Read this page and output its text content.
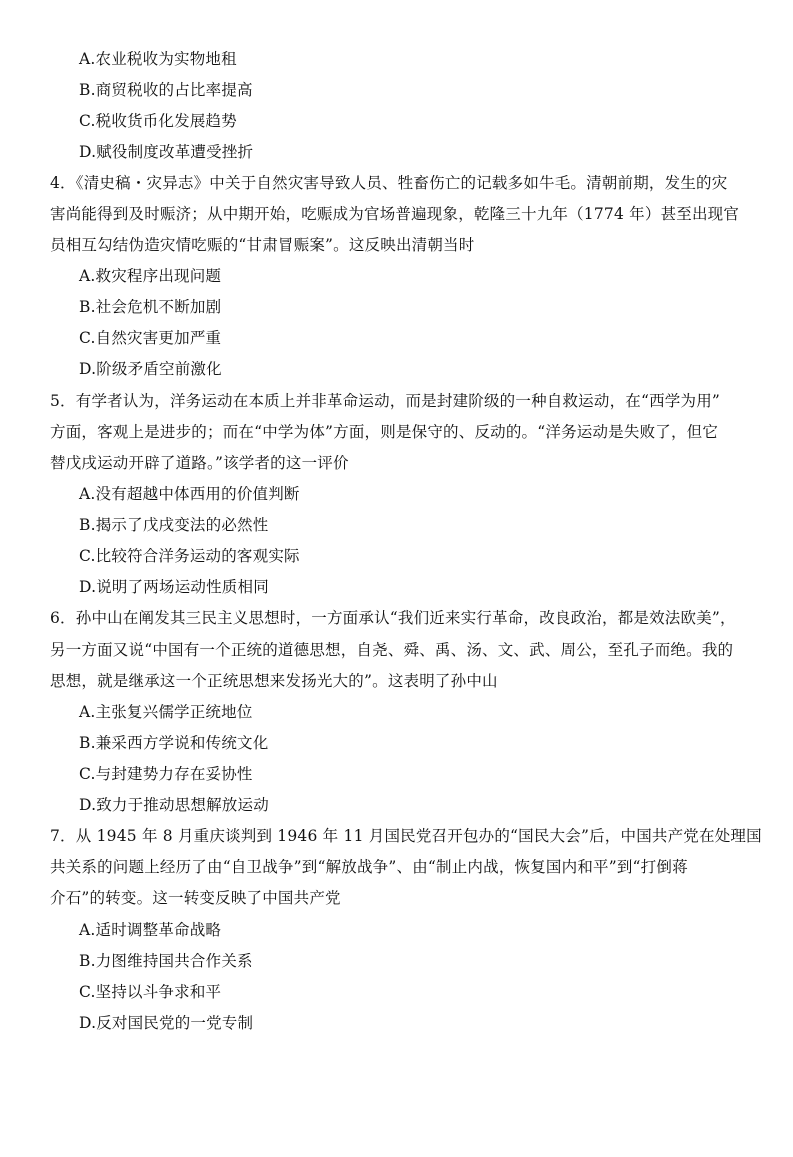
A.农业税收为实物地租
B.商贸税收的占比率提高
C.税收货币化发展趋势
D.赋役制度改革遭受挫折
4．《清史稿・灾异志》中关于自然灾害导致人员、牲畜伤亡的记载多如牛毛。清朝前期，发生的灾
害尚能得到及时赈济；从中期开始，吃赈成为官场普遍现象，乾隆三十九年（1774 年）甚至出现官
员相互勾结伪造灾情吃赈的“甘肃冒赈案”。这反映出清朝当时
A.救灾程序出现问题
B.社会危机不断加剧
C.自然灾害更加严重
D.阶级矛盾空前激化
5．有学者认为，洋务运动在本质上并非革命运动，而是封建阶级的一种自救运动，在“西学为用”
方面，客观上是进步的；而在“中学为体”方面，则是保守的、反动的。“洋务运动是失败了，但它
替戊戌运动开辟了道路。”该学者的这一评价
A.没有超越中体西用的价值判断
B.揭示了戊戌变法的必然性
C.比较符合洋务运动的客观实际
D.说明了两场运动性质相同
6．孙中山在阐发其三民主义思想时，一方面承认“我们近来实行革命，改良政治，都是效法欧美”，
另一方面又说“中国有一个正统的道德思想，自尧、舜、禹、汤、文、武、周公，至孔子而绝。我的
思想，就是继承这一个正统思想来发扬光大的”。这表明了孙中山
A.主张复兴儒学正统地位
B.兼采西方学说和传统文化
C.与封建势力存在妥协性
D.致力于推动思想解放运动
7．从 1945 年 8 月重庆谈判到 1946 年 11 月国民党召开包办的“国民大会”后，中国共产党在处理国
共关系的问题上经历了由“自卫战争”到“解放战争”、由“制止内战，恢复国内和平”到“打倒蒋
介石”的转变。这一转变反映了中国共产党
A.适时调整革命战略
B.力图维持国共合作关系
C.坚持以斗争求和平
D.反对国民党的一党专制
